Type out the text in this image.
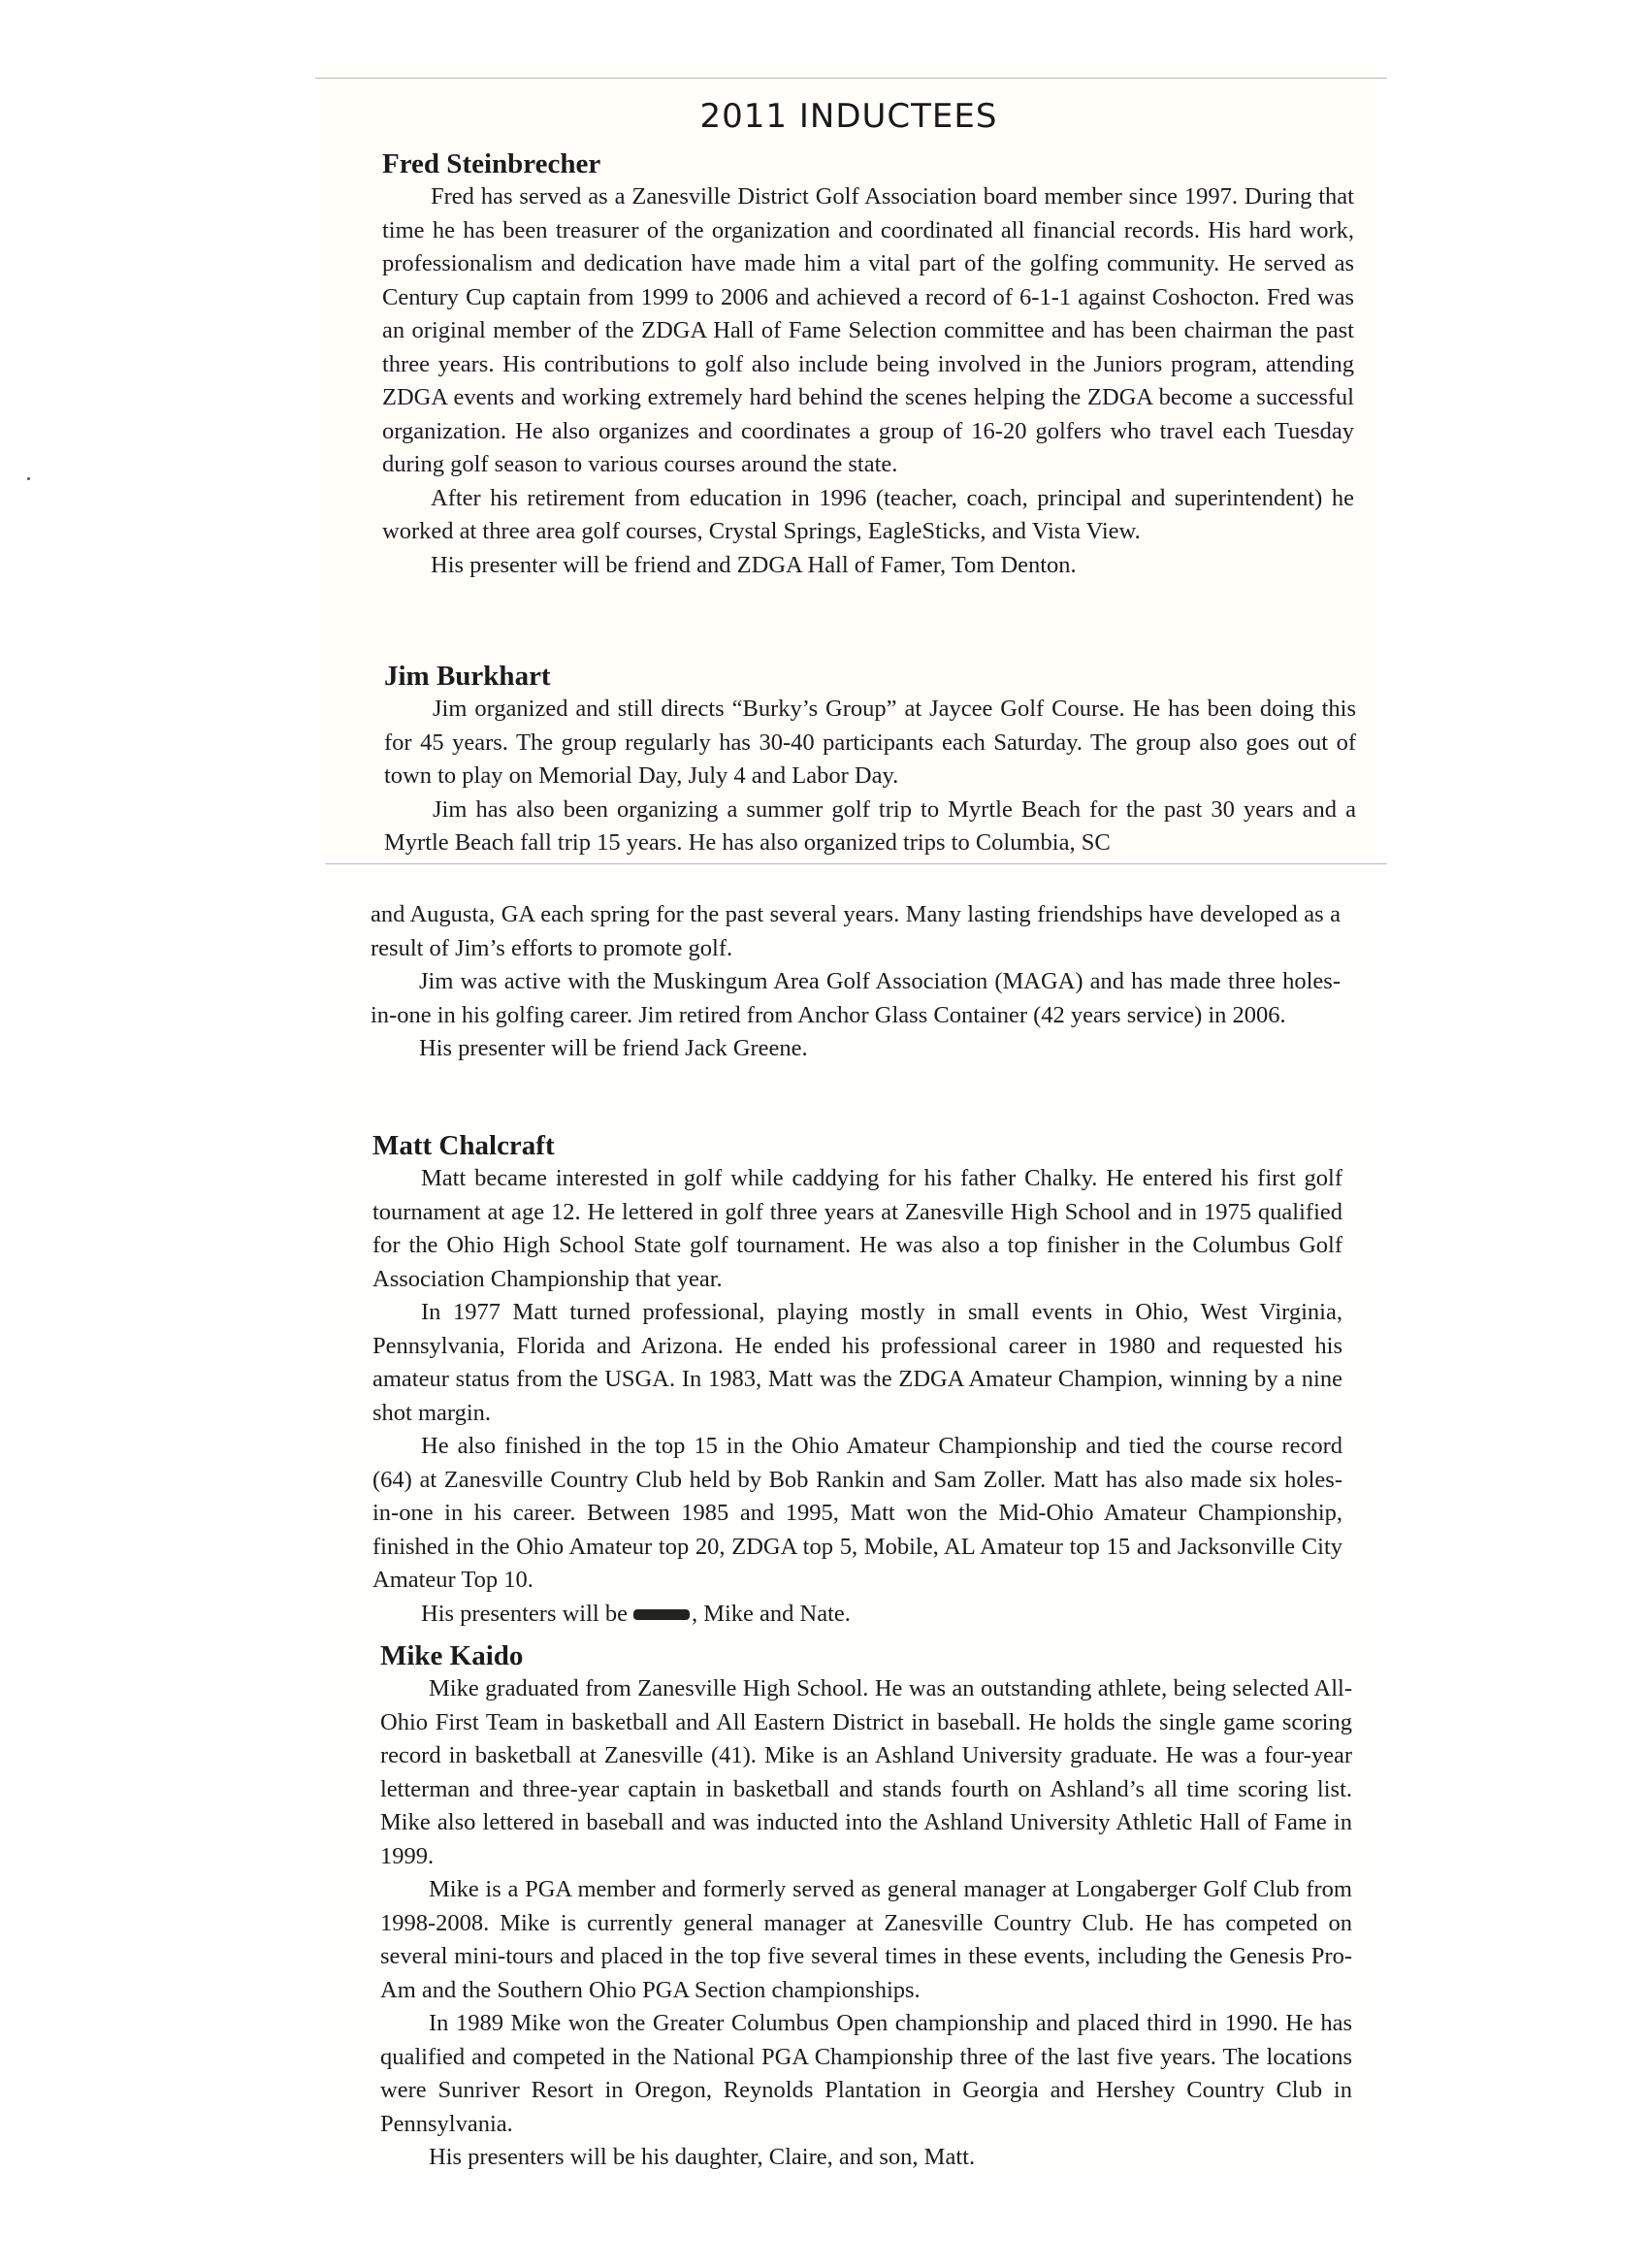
2011 INDUCTEES
Fred Steinbrecher

Fred has served as a Zanesville District Golf Association board member since 1997. During that time he has been treasurer of the organization and coordinated all financial records. His hard work, professionalism and dedication have made him a vital part of the golfing community. He served as Century Cup captain from 1999 to 2006 and achieved a record of 6-1-1 against Coshocton. Fred was an original member of the ZDGA Hall of Fame Selection committee and has been chairman the past three years. His contributions to golf also include being involved in the Juniors program, attending ZDGA events and working extremely hard behind the scenes helping the ZDGA become a successful organization. He also organizes and coordinates a group of 16-20 golfers who travel each Tuesday during golf season to various courses around the state.

After his retirement from education in 1996 (teacher, coach, principal and superintendent) he worked at three area golf courses, Crystal Springs, EagleSticks, and Vista View.

His presenter will be friend and ZDGA Hall of Famer, Tom Denton.

Jim Burkhart

Jim organized and still directs “Burky’s Group” at Jaycee Golf Course. He has been doing this for 45 years. The group regularly has 30-40 participants each Saturday. The group also goes out of town to play on Memorial Day, July 4 and Labor Day.

Jim has also been organizing a summer golf trip to Myrtle Beach for the past 30 years and a Myrtle Beach fall trip 15 years. He has also organized trips to Columbia, SC

and Augusta, GA each spring for the past several years. Many lasting friendships have developed as a result of Jim’s efforts to promote golf.

Jim was active with the Muskingum Area Golf Association (MAGA) and has made three holes-in-one in his golfing career. Jim retired from Anchor Glass Container (42 years service) in 2006.

His presenter will be friend Jack Greene.

Matt Chalcraft

Matt became interested in golf while caddying for his father Chalky. He entered his first golf tournament at age 12. He lettered in golf three years at Zanesville High School and in 1975 qualified for the Ohio High School State golf tournament. He was also a top finisher in the Columbus Golf Association Championship that year.

In 1977 Matt turned professional, playing mostly in small events in Ohio, West Virginia, Pennsylvania, Florida and Arizona. He ended his professional career in 1980 and requested his amateur status from the USGA. In 1983, Matt was the ZDGA Amateur Champion, winning by a nine shot margin.

He also finished in the top 15 in the Ohio Amateur Championship and tied the course record (64) at Zanesville Country Club held by Bob Rankin and Sam Zoller. Matt has also made six holes-in-one in his career. Between 1985 and 1995, Matt won the Mid-Ohio Amateur Championship, finished in the Ohio Amateur top 20, ZDGA top 5, Mobile, AL Amateur top 15 and Jacksonville City Amateur Top 10.

His presenters will be	, Mike and Nate.

Mike Kaido

Mike graduated from Zanesville High School. He was an outstanding athlete, being selected All-Ohio First Team in basketball and All Eastern District in baseball. He holds the single game scoring record in basketball at Zanesville (41). Mike is an Ashland University graduate. He was a four-year letterman and three-year captain in basketball and stands fourth on Ashland’s all time scoring list. Mike also lettered in baseball and was inducted into the Ashland University Athletic Hall of Fame in 1999.

Mike is a PGA member and formerly served as general manager at Longaberger Golf Club from 1998-2008. Mike is currently general manager at Zanesville Country Club. He has competed on several mini-tours and placed in the top five several times in these events, including the Genesis Pro-Am and the Southern Ohio PGA Section championships.

In 1989 Mike won the Greater Columbus Open championship and placed third in 1990. He has qualified and competed in the National PGA Championship three of the last five years. The locations were Sunriver Resort in Oregon, Reynolds Plantation in Georgia and Hershey Country Club in Pennsylvania.

His presenters will be his daughter, Claire, and son, Matt.
